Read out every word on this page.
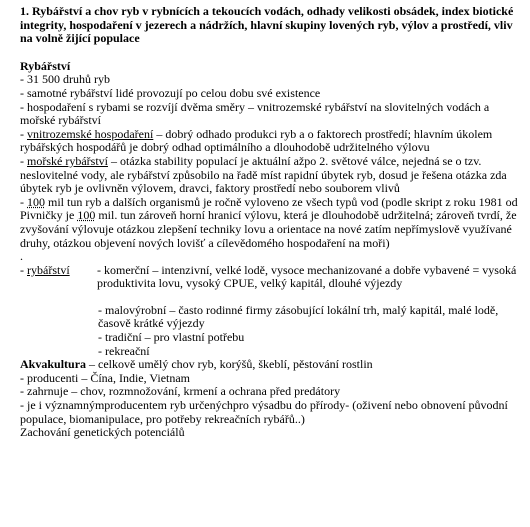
1. Rybářství a chov ryb v rybnících a tekoucích vodách, odhady velikosti obsádek, index biotické integrity, hospodaření v jezerech a nádržích, hlavní skupiny lovených ryb, výlov a prostředí, vliv na volně žijící populace

Rybářství

- 31 500 druhů ryb

- samotné rybářství lidé provozují po celou dobu své existence

- hospodaření s rybami se rozvíjí dvěma směry – vnitrozemské rybářství na slovitelných vodách a mořské rybářství

- vnitrozemské hospodaření – dobrý odhado produkci ryb a o faktorech prostředí; hlavním úkolem rybářských hospodářů je dobrý odhad optimálního a dlouhodobě udržitelného výlovu

- mořské rybářství – otázka stability populací je aktuální ažpo 2. světové válce, nejedná se o tzv. neslovitelné vody, ale rybářství způsobilo na řadě míst rapidní úbytek ryb, dosud je řešena otázka zda úbytek ryb je ovlivněn výlovem, dravci, faktory prostředí nebo souborem vlivů

- 100 mil tun ryb a dalších organismů je ročně vyloveno ze všech typů vod (podle skript z roku 1981 od Pivničky je 100 mil. tun zároveň horní hranicí výlovu, která je dlouhodobě udržitelná; zároveň tvrdí, že zvyšování výlovuje otázkou zlepšení techniky lovu a orientace na nové zatím nepřímyslově využívané druhy, otázkou objevení nových lovišť a cílevědomého hospodaření na moři)

.

- rybářství	- komerční – intenzivní, velké lodě, vysoce mechanizované a dobře vybavené = vysoká produktivita lovu, vysoký CPUE, velký kapitál, dlouhé výjezdy

- malovýrobní – často rodinné firmy zásobující lokální trh, malý kapitál, malé lodě, časově krátké výjezdy

- tradiční – pro vlastní potřebu

- rekreační

Akvakultura – celkově umělý chov ryb, korýšů, škeblí, pěstování rostlin

- producenti – Čína, Indie, Vietnam

- zahrnuje – chov, rozmnožování, krmení a ochrana před predátory

- je i významnýmproducentem ryb určenýchpro výsadbu do přírody- (oživení nebo obnovení původní populace, biomanipulace, pro potřeby rekreačních rybářů..)

Zachování genetických potenciálů
